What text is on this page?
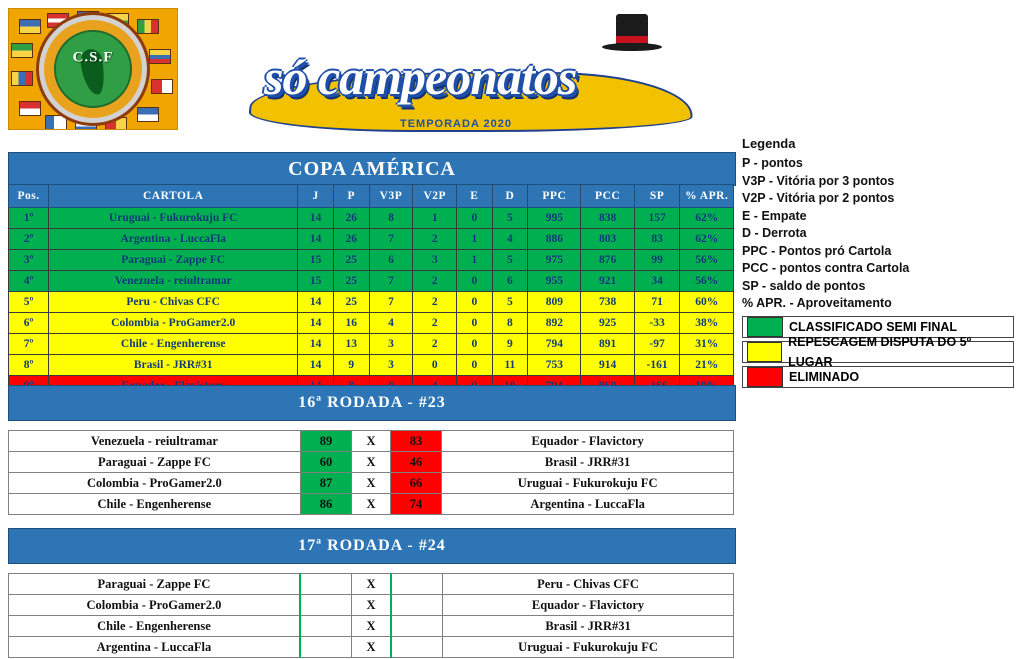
C.S.F	só campeonatos
TEMPORADA 2020
Legenda
P - pontos
V3P - Vitória por 3 pontos
V2P - Vitória por 2 pontos
E - Empate
D - Derrota
PPC - Pontos pró Cartola
PCC - pontos contra Cartola
SP - saldo de pontos
% APR. - Aproveitamento
CLASSIFICADO SEMI FINAL
REPESCAGEM DISPUTA DO 5º LUGAR
ELIMINADO
COPA AMÉRICA
Pos.	CARTOLA	J	P	V3P	V2P	E	D	PPC	PCC	SP	% APR.
1º	Uruguai - Fukurokuju FC	14	26	8	1	0	5	995	838	157	62%
2º	Argentina - LuccaFla	14	26	7	2	1	4	886	803	83	62%
3º	Paraguai - Zappe FC	15	25	6	3	1	5	975	876	99	56%
4º	Venezuela - reiultramar	15	25	7	2	0	6	955	921	34	56%
5º	Peru - Chivas CFC	14	25	7	2	0	5	809	738	71	60%
6º	Colombia - ProGamer2.0	14	16	4	2	0	8	892	925	-33	38%
7º	Chile - Engenherense	14	13	3	2	0	9	794	891	-97	31%
8º	Brasil - JRR#31	14	9	3	0	0	11	753	914	-161	21%

16ª RODADA - #23
Venezuela - reiultramar	89	X	83	Equador - Flavictory
Paraguai - Zappe FC	60	X	46	Brasil - JRR#31
Colombia - ProGamer2.0	87	X	66	Uruguai - Fukurokuju FC
Chile - Engenherense	86	X	74	Argentina - LuccaFla
17ª RODADA - #24
Paraguai - Zappe FC		X		Peru - Chivas CFC
Colombia - ProGamer2.0		X		Equador - Flavictory
Chile - Engenherense		X		Brasil - JRR#31
Argentina - LuccaFla		X		Uruguai - Fukurokuju FC
